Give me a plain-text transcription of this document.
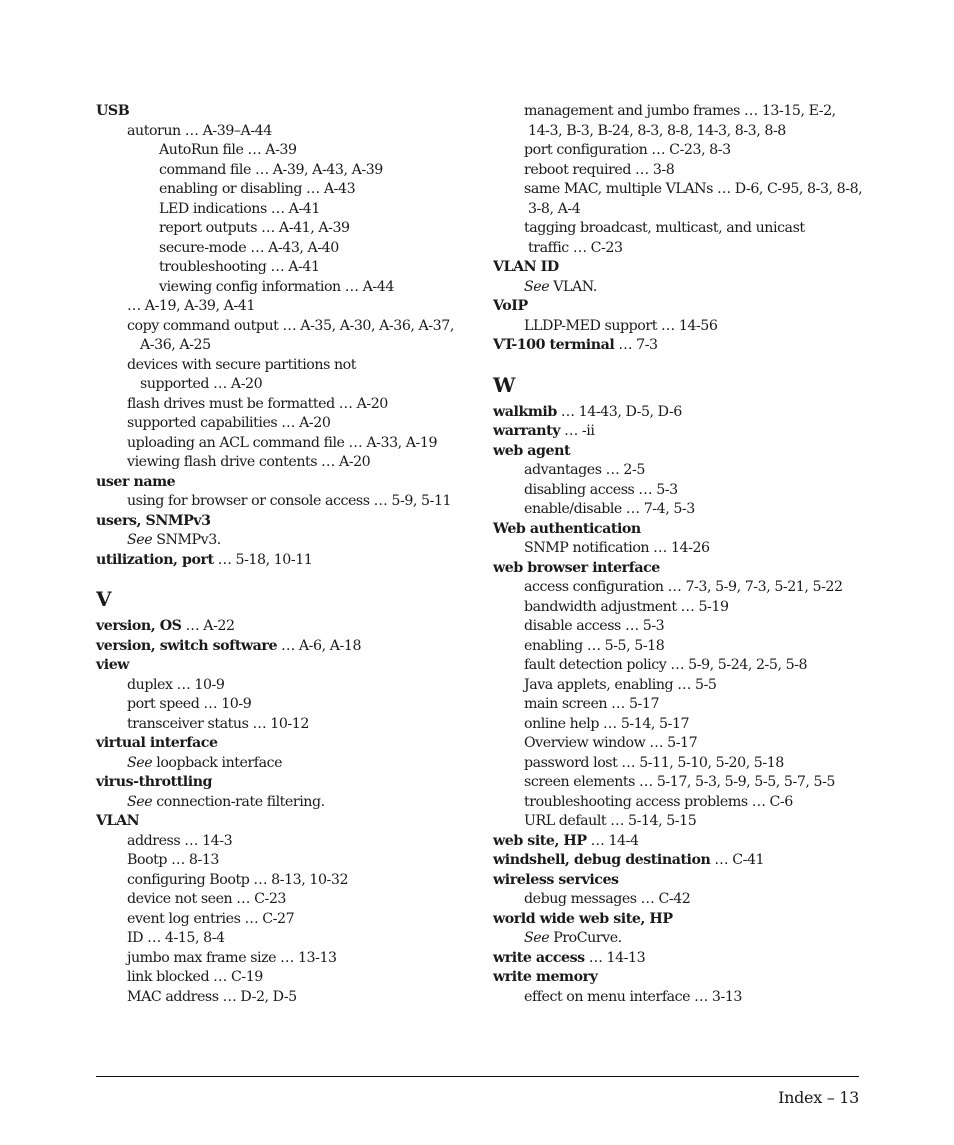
USB
autorun … A-39–A-44
AutoRun file … A-39
command file … A-39, A-43, A-39
enabling or disabling … A-43
LED indications … A-41
report outputs … A-41, A-39
secure-mode … A-43, A-40
troubleshooting … A-41
viewing config information … A-44
… A-19, A-39, A-41
copy command output … A-35, A-30, A-36, A-37,
A-36, A-25
devices with secure partitions not
supported … A-20
flash drives must be formatted … A-20
supported capabilities … A-20
uploading an ACL command file … A-33, A-19
viewing flash drive contents … A-20
user name
using for browser or console access … 5-9, 5-11
users, SNMPv3
See SNMPv3.
utilization, port … 5-18, 10-11
V
version, OS … A-22
version, switch software … A-6, A-18
view
duplex … 10-9
port speed … 10-9
transceiver status … 10-12
virtual interface
See loopback interface
virus-throttling
See connection-rate filtering.
VLAN
address … 14-3
Bootp … 8-13
configuring Bootp … 8-13, 10-32
device not seen … C-23
event log entries … C-27
ID … 4-15, 8-4
jumbo max frame size … 13-13
link blocked … C-19
MAC address … D-2, D-5
management and jumbo frames … 13-15, E-2,
14-3, B-3, B-24, 8-3, 8-8, 14-3, 8-3, 8-8
port configuration … C-23, 8-3
reboot required … 3-8
same MAC, multiple VLANs … D-6, C-95, 8-3, 8-8,
3-8, A-4
tagging broadcast, multicast, and unicast
traffic … C-23
VLAN ID
See VLAN.
VoIP
LLDP-MED support … 14-56
VT-100 terminal … 7-3
W
walkmib … 14-43, D-5, D-6
warranty … -ii
web agent
advantages … 2-5
disabling access … 5-3
enable/disable … 7-4, 5-3
Web authentication
SNMP notification … 14-26
web browser interface
access configuration … 7-3, 5-9, 7-3, 5-21, 5-22
bandwidth adjustment … 5-19
disable access … 5-3
enabling … 5-5, 5-18
fault detection policy … 5-9, 5-24, 2-5, 5-8
Java applets, enabling … 5-5
main screen … 5-17
online help … 5-14, 5-17
Overview window … 5-17
password lost … 5-11, 5-10, 5-20, 5-18
screen elements … 5-17, 5-3, 5-9, 5-5, 5-7, 5-5
troubleshooting access problems … C-6
URL default … 5-14, 5-15
web site, HP … 14-4
windshell, debug destination … C-41
wireless services
debug messages … C-42
world wide web site, HP
See ProCurve.
write access … 14-13
write memory
effect on menu interface … 3-13
Index – 13
